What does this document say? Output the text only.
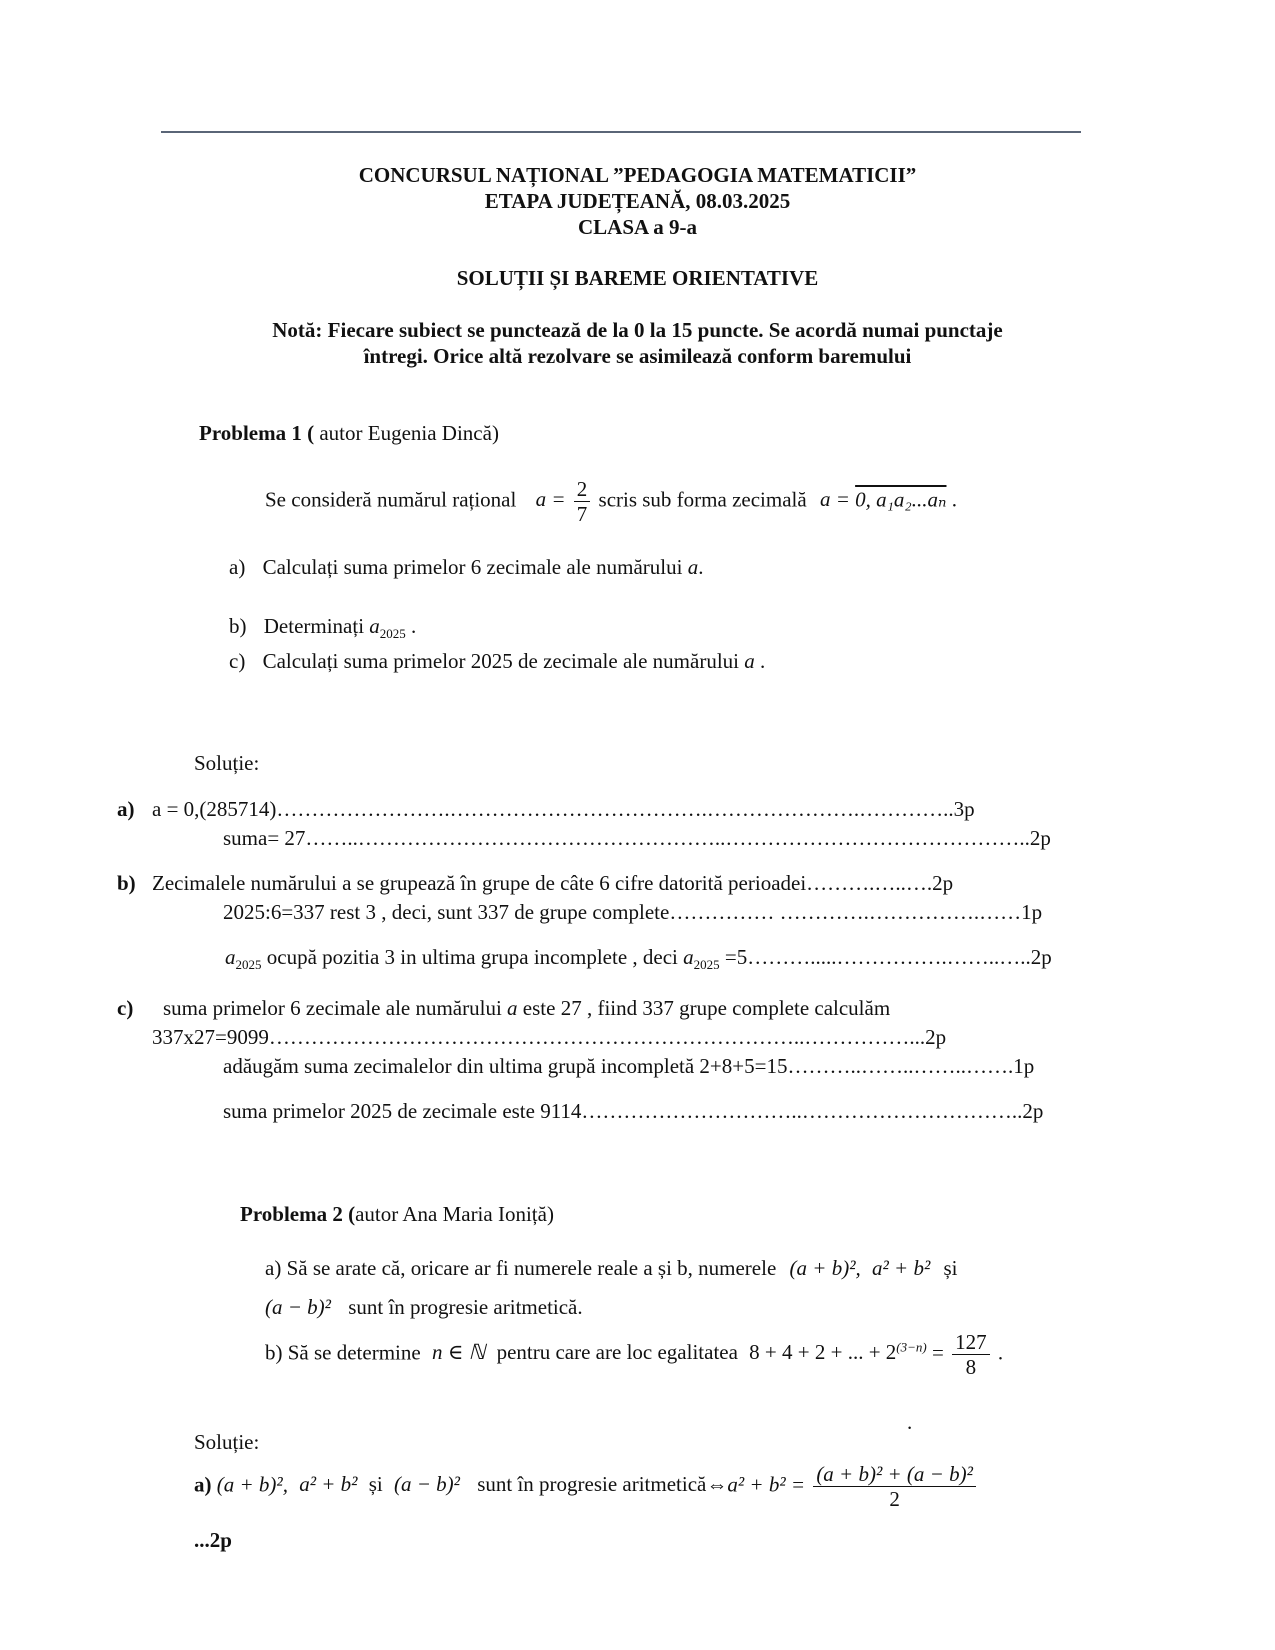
CONCURSUL NAȚIONAL ”PEDAGOGIA MATEMATICII”
ETAPA JUDEȚEANĂ, 08.03.2025
CLASA a 9-a
SOLUȚII ȘI BAREME ORIENTATIVE
Notă: Fiecare subiect se punctează de la 0 la 15 puncte. Se acordă numai punctaje
întregi. Orice altă rezolvare se asimilează conform baremului
Problema 1 ( autor Eugenia Dincă)
Se consideră numărul rațional $a = \frac{2}{7}$ scris sub forma zecimală a = 0, a₁a₂...aₙ .
a) Calculați suma primelor 6 zecimale ale numărului a.
b) Determinați $a_{2025}$ .
c) Calculați suma primelor 2025 de zecimale ale numărului a .
Soluție:
a) a = 0,(285714)…………………….……………………………….………………….…………..3p
suma= 27……..……………………………………………..……………………………………..2p
b) Zecimalele numărului a se grupează în grupe de câte 6 cifre datorită perioadei……….…..….2p
2025:6=337 rest 3 , deci, sunt 337 de grupe complete…………… ………….…………….……1p
$a_{2025}$ ocupă pozitia 3 in ultima grupa incomplete , deci $a_{2025}$ =5……….....…………….……..…..2p
c) suma primelor 6 zecimale ale numărului a este 27 , fiind 337 grupe complete calculăm
337x27=9099…………………………………………………………………..……………...2p
adăugăm suma zecimalelor din ultima grupă incompletă 2+8+5=15………..……..……..…….1p
suma primelor 2025 de zecimale este 9114…………………………..…………………………..2p
Problema 2 (autor Ana Maria Ioniță)
a) Să se arate că, oricare ar fi numerele reale a și b, numerele (a + b)², a² + b² și
(a − b)² sunt în progresie aritmetică.
b) Să se determine n ∈ ℕ pentru care are loc egalitatea 8 + 4 + 2 + ... + $2^{(3-n)} = \frac{127}{8}$ .
.
Soluție:
a) (a + b)², a² + b² și (a − b)² sunt în progresie aritmetică⇔a² + $b^2 = \frac{\text{(a + b)² + (a − b)²}}{2}$
...2p
